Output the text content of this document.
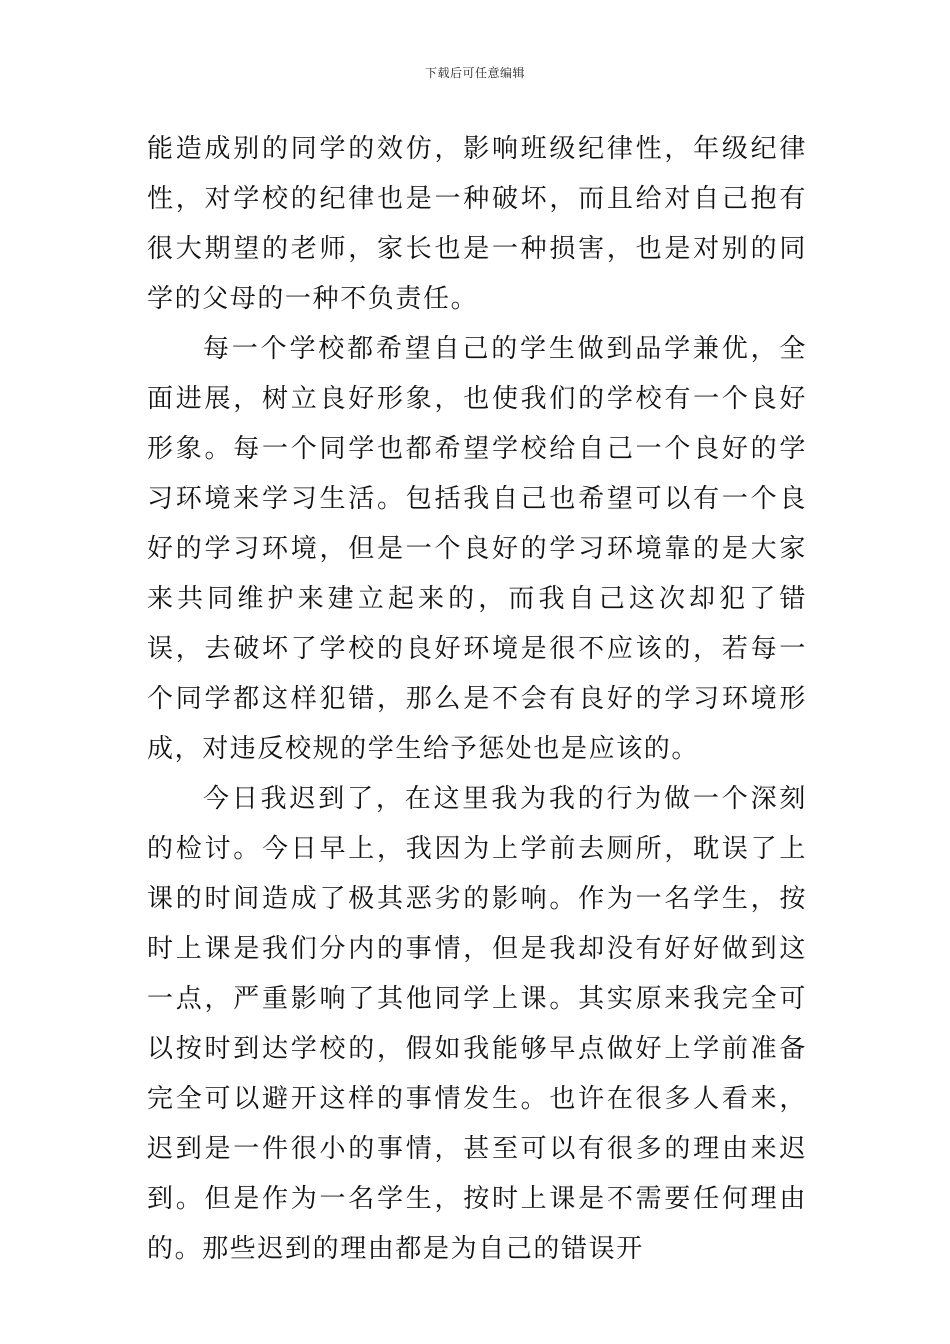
下载后可任意编辑

能造成别的同学的效仿，影响班级纪律性，年级纪律性，对学校的纪律也是一种破坏，而且给对自己抱有很大期望的老师，家长也是一种损害，也是对别的同学的父母的一种不负责任。

每一个学校都希望自己的学生做到品学兼优，全面进展，树立良好形象，也使我们的学校有一个良好形象。每一个同学也都希望学校给自己一个良好的学习环境来学习生活。包括我自己也希望可以有一个良好的学习环境，但是一个良好的学习环境靠的是大家来共同维护来建立起来的，而我自己这次却犯了错误，去破坏了学校的良好环境是很不应该的，若每一个同学都这样犯错，那么是不会有良好的学习环境形成，对违反校规的学生给予惩处也是应该的。

今日我迟到了，在这里我为我的行为做一个深刻的检讨。今日早上，我因为上学前去厕所，耽误了上课的时间造成了极其恶劣的影响。作为一名学生，按时上课是我们分内的事情，但是我却没有好好做到这一点，严重影响了其他同学上课。其实原来我完全可以按时到达学校的，假如我能够早点做好上学前准备完全可以避开这样的事情发生。也许在很多人看来，迟到是一件很小的事情，甚至可以有很多的理由来迟到。但是作为一名学生，按时上课是不需要任何理由的。那些迟到的理由都是为自己的错误开
